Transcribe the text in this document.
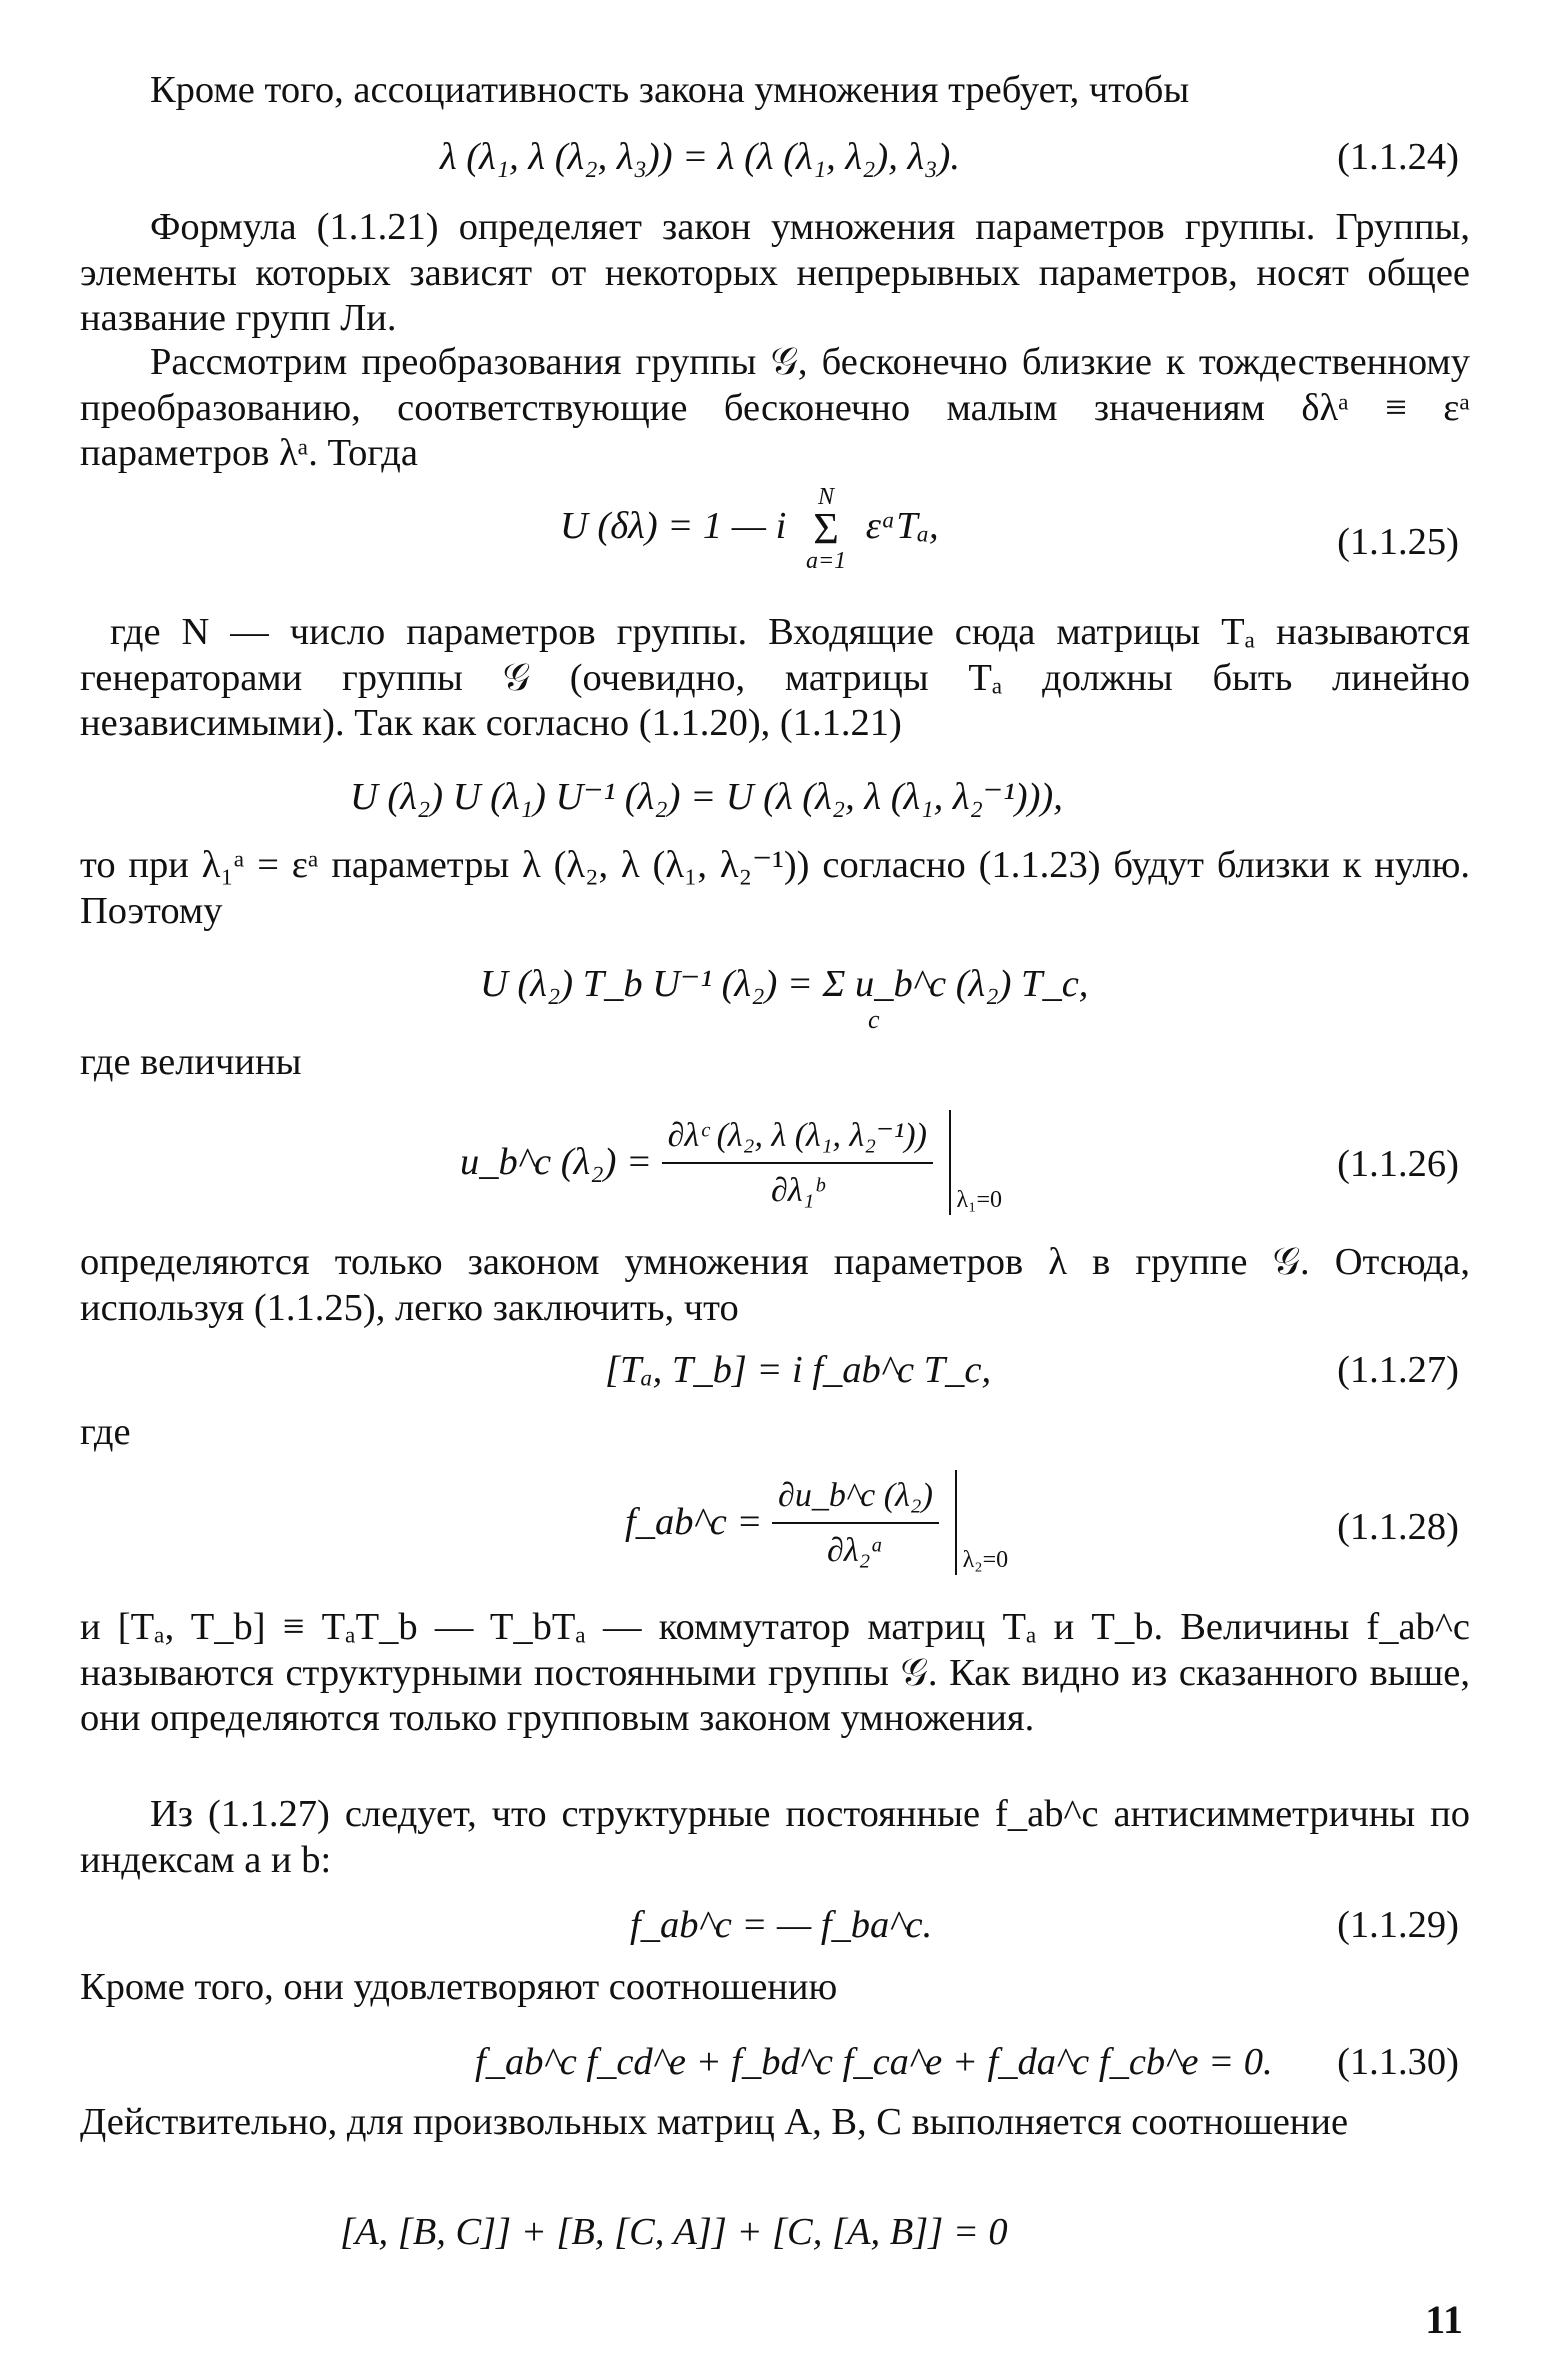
Кроме того, ассоциативность закона умножения требует, чтобы

λ (λ₁, λ (λ₂, λ₃)) = λ (λ (λ₁, λ₂), λ₃).	(1.1.24)

Формула (1.1.21) определяет закон умножения параметров группы. Группы, элементы которых зависят от некоторых непрерывных параметров, носят общее название групп Ли.

Рассмотрим преобразования группы 𝒢, бесконечно близкие к тождественному преобразованию, соответствующие бесконечно малым значениям δλᵃ ≡ εᵃ параметров λᵃ. Тогда

U (δλ) = 1 — i
N
Σ
a=1
εᵃTₐ,	(1.1.25)

где N — число параметров группы. Входящие сюда матрицы Tₐ называются генераторами группы 𝒢 (очевидно, матрицы Tₐ должны быть линейно независимыми). Так как согласно (1.1.20), (1.1.21)

U (λ₂) U (λ₁) U⁻¹ (λ₂) = U (λ (λ₂, λ (λ₁, λ₂⁻¹))),

то при λ₁ᵃ = εᵃ параметры λ (λ₂, λ (λ₁, λ₂⁻¹)) согласно (1.1.23) будут близки к нулю. Поэтому

U (λ₂) T_b U⁻¹ (λ₂) = Σ u_b^c (λ₂) T_c,
c

где величины

u_b^c $(\lambda_2) = \frac{\text{∂λᶜ (λ₂, λ (λ₁, λ₂⁻¹))}}{\text{∂λ₁ᵇ}}$
λ₁=0
(1.1.26)

определяются только законом умножения параметров λ в группе 𝒢. Отсюда, используя (1.1.25), легко заключить, что

[Tₐ, T_b] = i f_ab^c T_c,	(1.1.27)

где

f_ab^c = $\frac{\text{∂u\_b\textasciicircum{}c (λ₂)}}{\text{∂λ₂ᵃ}}$
λ₂=0
(1.1.28)

и [Tₐ, T_b] ≡ TₐT_b — T_bTₐ — коммутатор матриц Tₐ и T_b. Величины f_ab^c называются структурными постоянными группы 𝒢. Как видно из сказанного выше, они определяются только групповым законом умножения.

Из (1.1.27) следует, что структурные постоянные f_ab^c антисимметричны по индексам a и b:

f_ab^c = — f_ba^c.	(1.1.29)

Кроме того, они удовлетворяют соотношению

f_ab^c f_cd^e + f_bd^c f_ca^e + f_da^c f_cb^e = 0. (1.1.30)

Действительно, для произвольных матриц A, B, C выполняется соотношение

[A, [B, C]] + [B, [C, A]] + [C, [A, B]] = 0
11
